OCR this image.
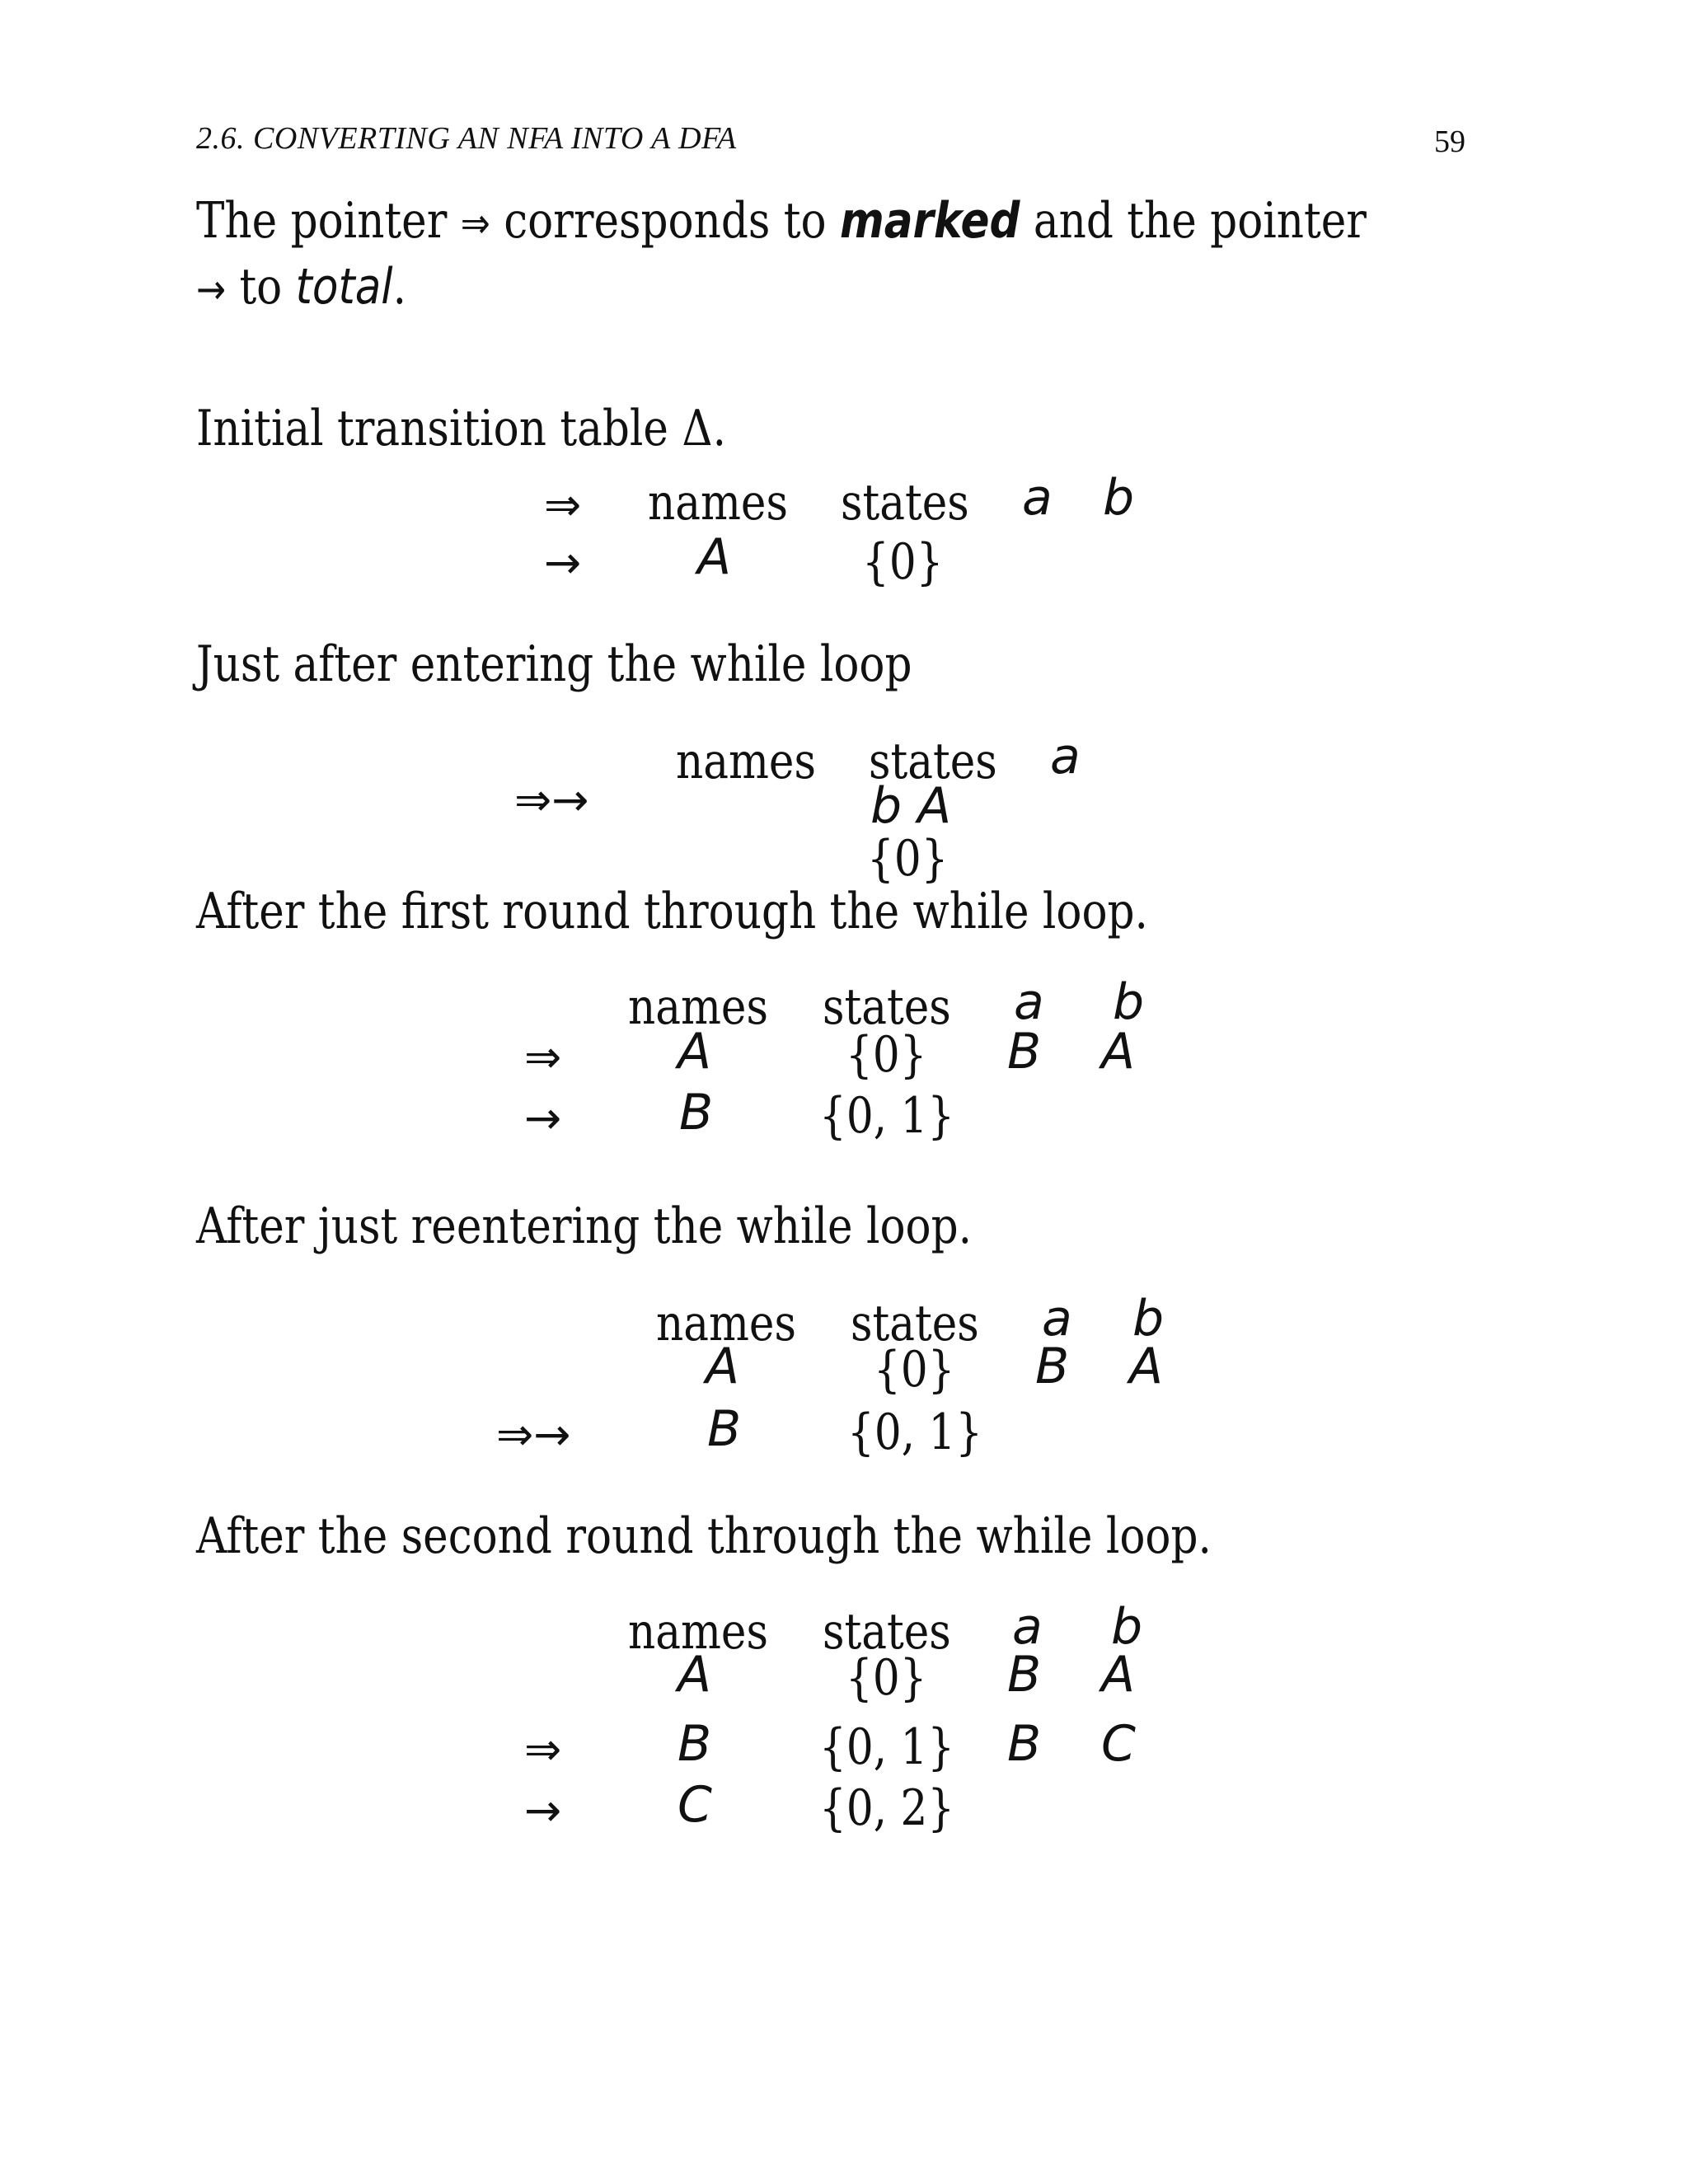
2.6. CONVERTING AN NFA INTO A DFA	59
The pointer ⇒ corresponds to marked and the pointer
→ to total.
Initial transition table Δ.
⇒ names states a b
→ A	{0}
Just after entering the while loop
names states a
⇒→	b A
{0}
After the first round through the while loop.
names states a b
⇒ A	{0} B A
→ B {0, 1}
After just reentering the while loop.
names states a b
A	{0} B A
⇒→	B {0, 1}
After the second round through the while loop.
names states a b
A	{0} B A
⇒ B {0, 1} B C
→ C {0, 2}
